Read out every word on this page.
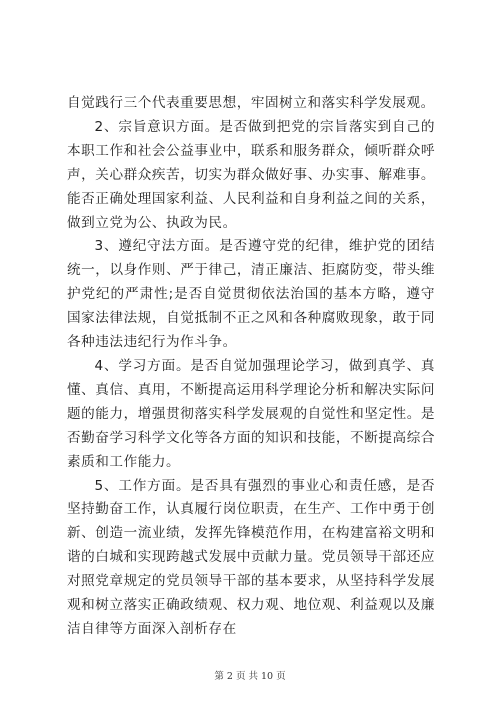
自觉践行三个代表重要思想，牢固树立和落实科学发展观。

2、宗旨意识方面。是否做到把党的宗旨落实到自己的本职工作和社会公益事业中，联系和服务群众，倾听群众呼声，关心群众疾苦，切实为群众做好事、办实事、解难事。能否正确处理国家利益、人民利益和自身利益之间的关系，做到立党为公、执政为民。

3、遵纪守法方面。是否遵守党的纪律，维护党的团结统一，以身作则、严于律己，清正廉洁、拒腐防变，带头维护党纪的严肃性;是否自觉贯彻依法治国的基本方略，遵守国家法律法规，自觉抵制不正之风和各种腐败现象，敢于同各种违法违纪行为作斗争。

4、学习方面。是否自觉加强理论学习，做到真学、真懂、真信、真用，不断提高运用科学理论分析和解决实际问题的能力，增强贯彻落实科学发展观的自觉性和坚定性。是否勤奋学习科学文化等各方面的知识和技能，不断提高综合素质和工作能力。

5、工作方面。是否具有强烈的事业心和责任感，是否坚持勤奋工作，认真履行岗位职责，在生产、工作中勇于创新、创造一流业绩，发挥先锋模范作用，在构建富裕文明和谐的白城和实现跨越式发展中贡献力量。党员领导干部还应对照党章规定的党员领导干部的基本要求，从坚持科学发展观和树立落实正确政绩观、权力观、地位观、利益观以及廉洁自律等方面深入剖析存在

第 2 页 共 10 页
